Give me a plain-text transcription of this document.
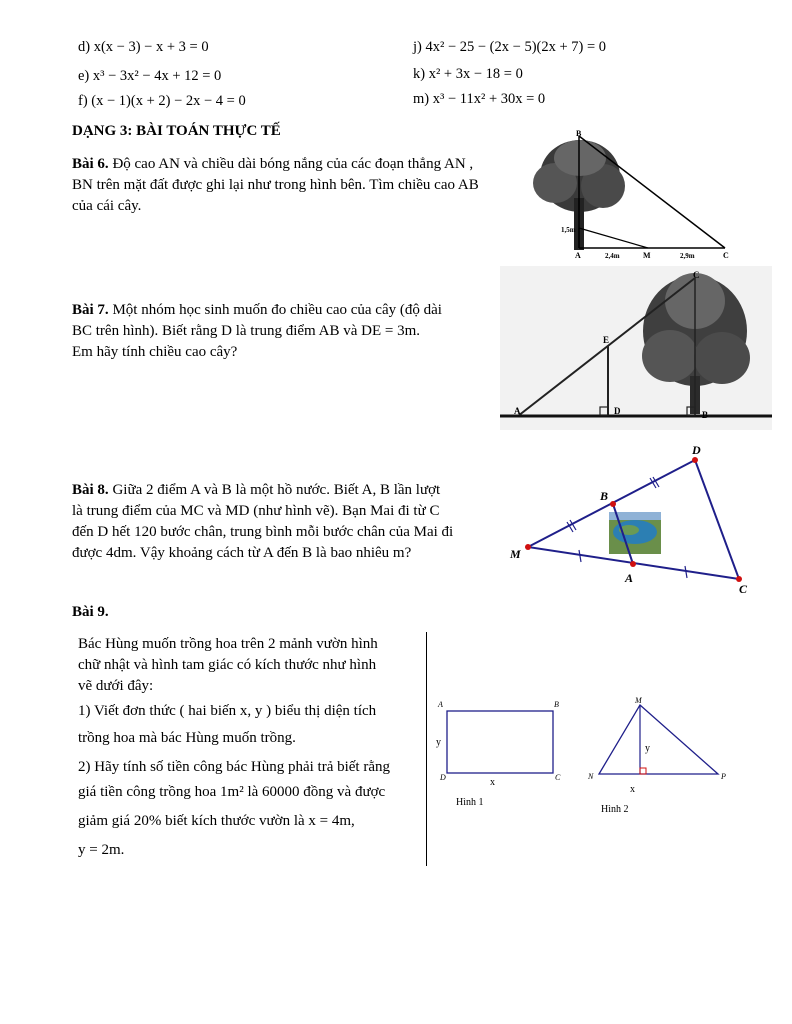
d) x(x − 3) − x + 3 = 0
e) x³ − 3x² − 4x + 12 = 0
f) (x − 1)(x + 2) − 2x − 4 = 0
j) 4x² − 25 − (2x − 5)(2x + 7) = 0
k) x² + 3x − 18 = 0
m) x³ − 11x² + 30x = 0
DẠNG 3: BÀI TOÁN THỰC TẾ
Bài 6. Độ cao AN và chiều dài bóng nắng của các đoạn thẳng AN ,
BN trên mặt đất được ghi lại như trong hình bên. Tìm chiều cao AB
của cái cây.
B
1,5m
A	2,4m	M	2,9m	C
Bài 7. Một nhóm học sinh muốn đo chiều cao của cây (độ dài
BC trên hình). Biết rằng D là trung điểm AB và DE = 3m.
Em hãy tính chiều cao cây?
A
E
D
C
B
Bài 8. Giữa 2 điểm A và B là một hồ nước. Biết A, B lần lượt
là trung điểm của MC và MD (như hình vẽ). Bạn Mai đi từ C
đến D hết 120 bước chân, trung bình mỗi bước chân của Mai đi
được 4dm. Vậy khoảng cách từ A đến B là bao nhiêu m?
D
B
M
A
C
Bài 9.
Bác Hùng muốn trồng hoa trên 2 mảnh vườn hình
chữ nhật và hình tam giác có kích thước như hình
vẽ dưới đây:
1) Viết đơn thức ( hai biến x, y ) biểu thị diện tích
trồng hoa mà bác Hùng muốn trồng.
2) Hãy tính số tiền công bác Hùng phải trả biết rằng
giá tiền công trồng hoa 1m² là 60000 đồng và được
giảm giá 20% biết kích thước vườn là x = 4m,
y = 2m.
A	B
C
D
y
x
Hình 1
M
N	P
y
x
Hình 2
